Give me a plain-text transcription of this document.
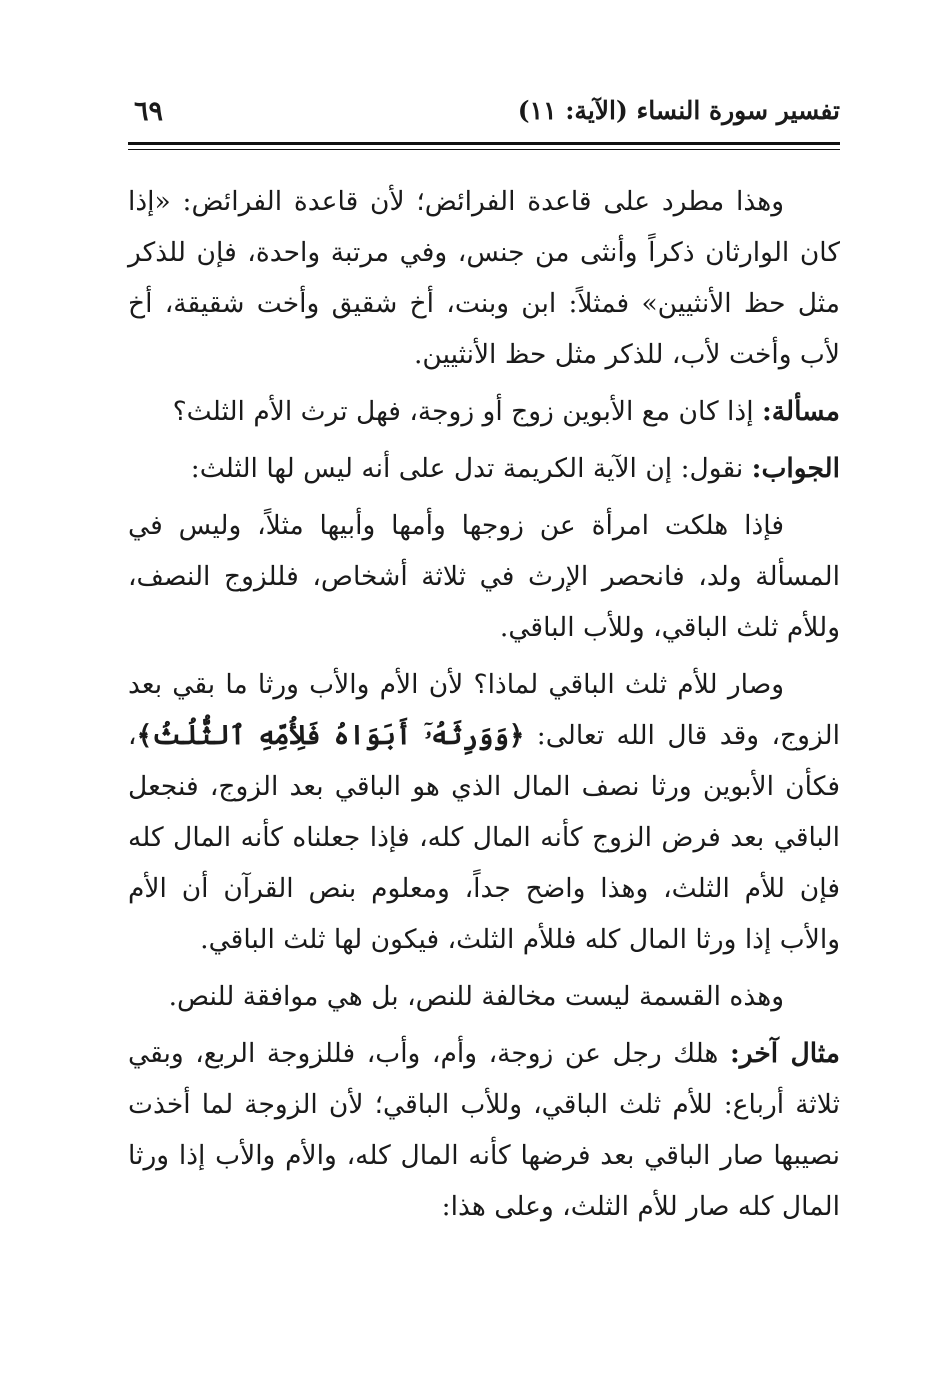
تفسير سورة النساء (الآية: ١١)
٦٩

وهذا مطرد على قاعدة الفرائض؛ لأن قاعدة الفرائض: «إذا كان الوارثان ذكراً وأنثى من جنس، وفي مرتبة واحدة، فإن للذكر مثل حظ الأنثيين» فمثلاً: ابن وبنت، أخ شقيق وأخت شقيقة، أخ لأب وأخت لأب، للذكر مثل حظ الأنثيين.

مسألة: إذا كان مع الأبوين زوج أو زوجة، فهل ترث الأم الثلث؟

الجواب: نقول: إن الآية الكريمة تدل على أنه ليس لها الثلث:

فإذا هلكت امرأة عن زوجها وأمها وأبيها مثلاً، وليس في المسألة ولد، فانحصر الإرث في ثلاثة أشخاص، فللزوج النصف، وللأم ثلث الباقي، وللأب الباقي.

وصار للأم ثلث الباقي لماذا؟ لأن الأم والأب ورثا ما بقي بعد الزوج، وقد قال الله تعالى: ﴿وَوَرِثَهُۥٓ أَبَوَاهُ فَلِأُمِّهِ ٱلثُّلُثُ﴾، فكأن الأبوين ورثا نصف المال الذي هو الباقي بعد الزوج، فنجعل الباقي بعد فرض الزوج كأنه المال كله، فإذا جعلناه كأنه المال كله فإن للأم الثلث، وهذا واضح جداً، ومعلوم بنص القرآن أن الأم والأب إذا ورثا المال كله فللأم الثلث، فيكون لها ثلث الباقي.

وهذه القسمة ليست مخالفة للنص، بل هي موافقة للنص.

مثال آخر: هلك رجل عن زوجة، وأم، وأب، فللزوجة الربع، وبقي ثلاثة أرباع: للأم ثلث الباقي، وللأب الباقي؛ لأن الزوجة لما أخذت نصيبها صار الباقي بعد فرضها كأنه المال كله، والأم والأب إذا ورثا المال كله صار للأم الثلث، وعلى هذا:
